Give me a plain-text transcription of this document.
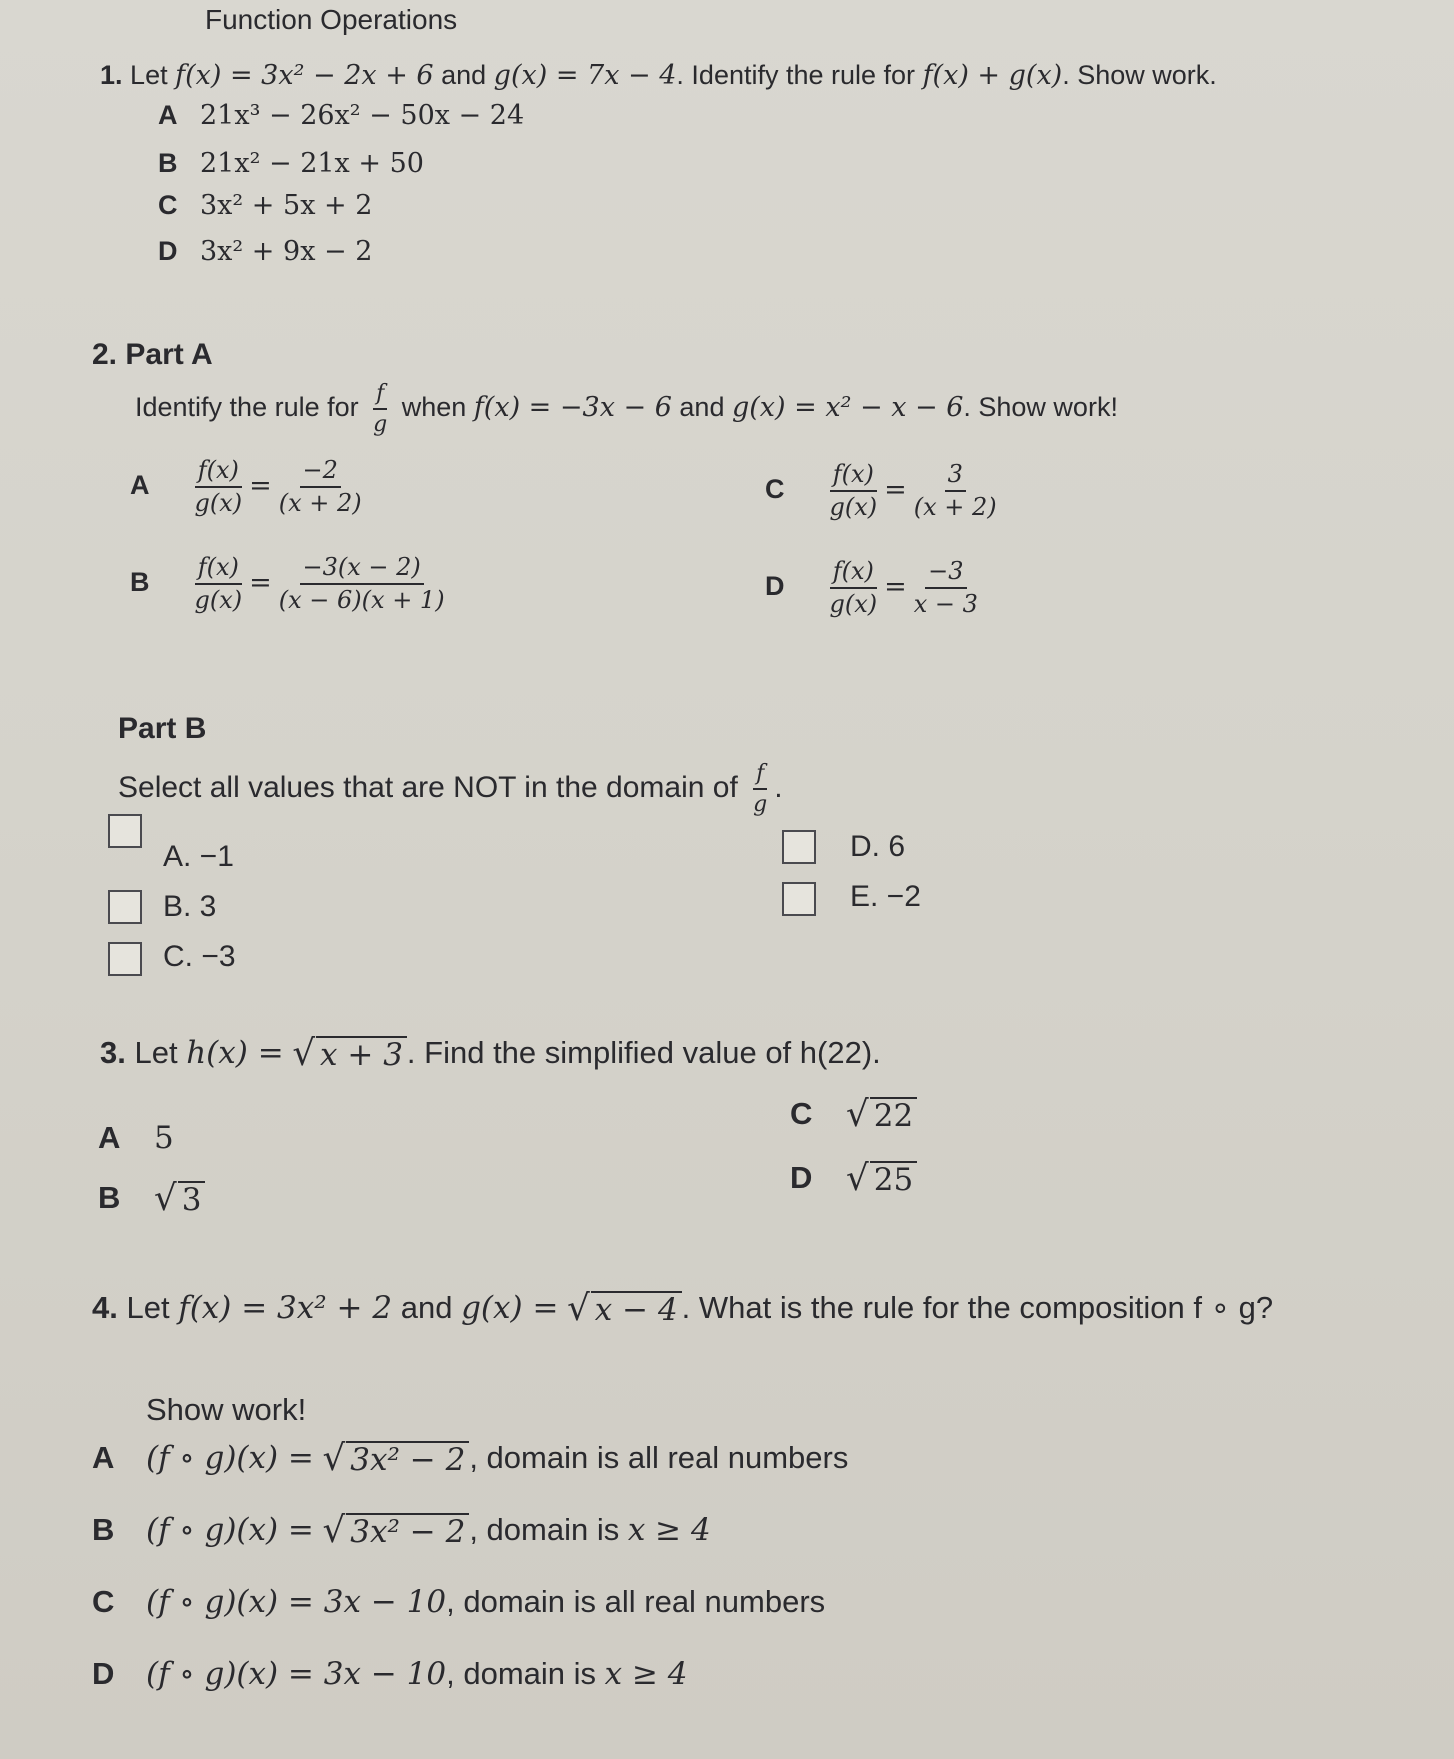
Function Operations
1. Let f(x) = 3x² − 2x + 6 and g(x) = 7x − 4. Identify the rule for f(x) + g(x). Show work.
A 21x³ − 26x² − 50x − 24
B 21x² − 21x + 50
C 3x² + 5x + 2
D 3x² + 9x − 2
2. Part A
Identify the rule for $\frac{f}{g}$ when f(x) = −3x − 6 and g(x) = x² − x − 6. Show work!
A $\frac{f(x)}{g(x)} = \frac{-2}{(x + 2)}$
B $\frac{f(x)}{g(x)} = \frac{-3(x - 2)}{(x - 6)(x + 1)}$
C $\frac{f(x)}{g(x)} = \frac{3}{(x + 2)}$
D $\frac{f(x)}{g(x)} = \frac{-3}{x - 3}$
Part B
Select all values that are NOT in the domain of $\frac{f}{g}$ .
A. −1
B. 3
C. −3
D. 6
E. −2
3. Let h(x) = √ x + 3 . Find the simplified value of h(22).
A 5
B √ 3
C √ 22
D √ 25
4. Let f(x) = 3x² + 2 and g(x) = √ x − 4 . What is the rule for the composition f ∘ g?
Show work!
A (f ∘ g)(x) = √ 3x² − 2 , domain is all real numbers
B (f ∘ g)(x) = √ 3x² − 2 , domain is x ≥ 4
C (f ∘ g)(x) = 3x − 10, domain is all real numbers
D (f ∘ g)(x) = 3x − 10, domain is x ≥ 4
